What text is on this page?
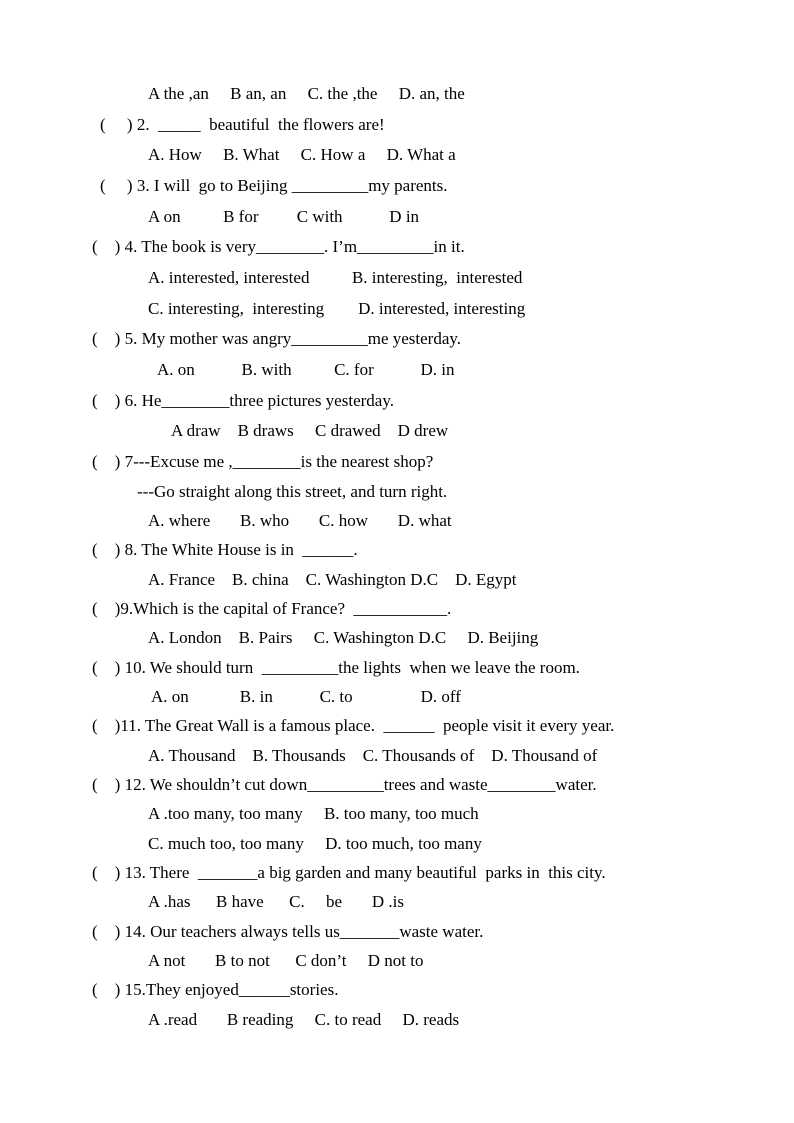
A the ,an     B an, an     C. the ,the     D. an, the
(     ) 2.  _____  beautiful  the flowers are!
A. How     B. What     C. How a     D. What a
(     ) 3. I will  go to Beijing _________my parents.
A on          B for         C with           D in
(    ) 4. The book is very________. I’m_________in it.
A. interested, interested          B. interesting,  interested
C. interesting,  interesting        D. interested, interesting
(    ) 5. My mother was angry_________me yesterday.
A. on           B. with          C. for           D. in
(    ) 6. He________three pictures yesterday.
A draw    B draws     C drawed    D drew
(    ) 7---Excuse me ,________is the nearest shop?
---Go straight along this street, and turn right.
A. where       B. who       C. how       D. what
(    ) 8. The White House is in  ______.
A. France    B. china    C. Washington D.C    D. Egypt
(    )9.Which is the capital of France?  ___________.
A. London    B. Pairs     C. Washington D.C     D. Beijing
(    ) 10. We should turn  _________the lights  when we leave the room.
A. on            B. in           C. to                D. off
(    )11. The Great Wall is a famous place.  ______  people visit it every year.
A. Thousand    B. Thousands    C. Thousands of    D. Thousand of
(    ) 12. We shouldn’t cut down_________trees and waste________water.
A .too many, too many     B. too many, too much
C. much too, too many     D. too much, too many
(    ) 13. There  _______a big garden and many beautiful  parks in  this city.
A .has      B have      C.     be       D .is
(    ) 14. Our teachers always tells us_______waste water.
A not       B to not      C don’t     D not to
(    ) 15.They enjoyed______stories.
A .read       B reading     C. to read     D. reads
